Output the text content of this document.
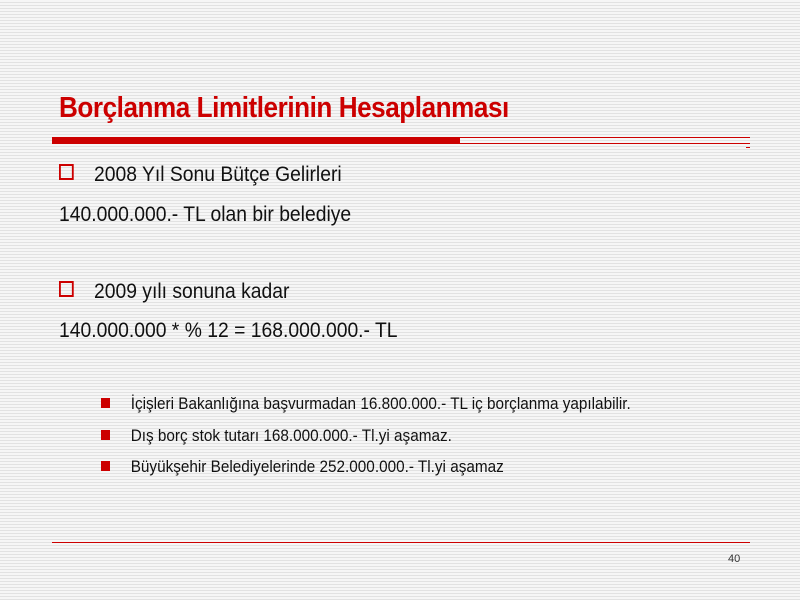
Borçlanma Limitlerinin Hesaplanması
2008 Yıl Sonu Bütçe Gelirleri
140.000.000.- TL olan bir belediye
2009 yılı sonuna kadar
140.000.000 * % 12 = 168.000.000.- TL
İçişleri Bakanlığına başvurmadan 16.800.000.- TL iç borçlanma yapılabilir.
Dış borç stok tutarı 168.000.000.- Tl.yi aşamaz.
Büyükşehir Belediyelerinde 252.000.000.- Tl.yi aşamaz
40
